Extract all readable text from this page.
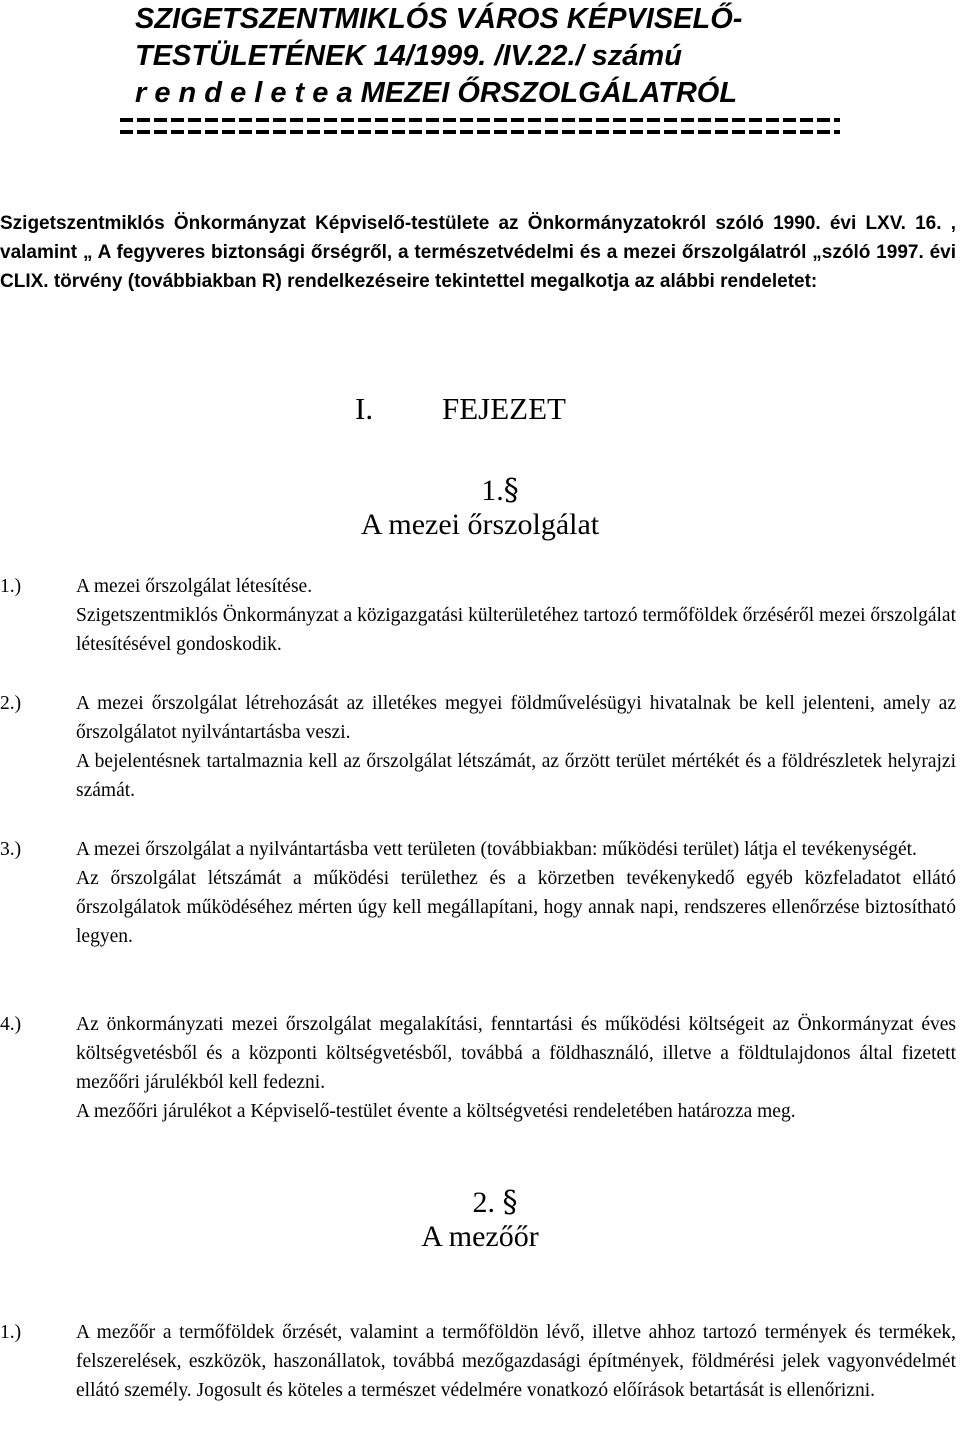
SZIGETSZENTMIKLÓS VÁROS KÉPVISELŐ-
TESTÜLETÉNEK 14/1999. /IV.22./ számú
r e n d e l e t e a MEZEI ŐRSZOLGÁLATRÓL

Szigetszentmiklós Önkormányzat Képviselő-testülete az Önkormányzatokról szóló 1990. évi LXV. 16. , valamint „ A fegyveres biztonsági őrségről, a természetvédelmi és a mezei őrszolgálatról „szóló 1997. évi CLIX. törvény (továbbiakban R) rendelkezéseire tekintettel megalkotja az alábbi rendeletet:

I. FEJEZET
1.§
A mezei őrszolgálat
1.)	A mezei őrszolgálat létesítése.
Szigetszentmiklós Önkormányzat a közigazgatási külterületéhez tartozó termőföldek őrzéséről mezei őrszolgálat létesítésével gondoskodik.
2.)	A mezei őrszolgálat létrehozását az illetékes megyei földművelésügyi hivatalnak be kell jelenteni, amely az őrszolgálatot nyilvántartásba veszi.
A bejelentésnek tartalmaznia kell az őrszolgálat létszámát, az őrzött terület mértékét és a földrészletek helyrajzi számát.
3.)	A mezei őrszolgálat a nyilvántartásba vett területen (továbbiakban: működési terület) látja el tevékenységét.
Az őrszolgálat létszámát a működési területhez és a körzetben tevékenykedő egyéb közfeladatot ellátó őrszolgálatok működéséhez mérten úgy kell megállapítani, hogy annak napi, rendszeres ellenőrzése biztosítható legyen.
4.)	Az önkormányzati mezei őrszolgálat megalakítási, fenntartási és működési költségeit az Önkormányzat éves költségvetésből és a központi költségvetésből, továbbá a földhasználó, illetve a földtulajdonos által fizetett mezőőri járulékból kell fedezni.
A mezőőri járulékot a Képviselő-testület évente a költségvetési rendeletében határozza meg.
2. §
A mezőőr
1.)	A mezőőr a termőföldek őrzését, valamint a termőföldön lévő, illetve ahhoz tartozó termények és termékek, felszerelések, eszközök, haszonállatok, továbbá mezőgazdasági építmények, földmérési jelek vagyonvédelmét ellátó személy. Jogosult és köteles a természet védelmére vonatkozó előírások betartását is ellenőrizni.
